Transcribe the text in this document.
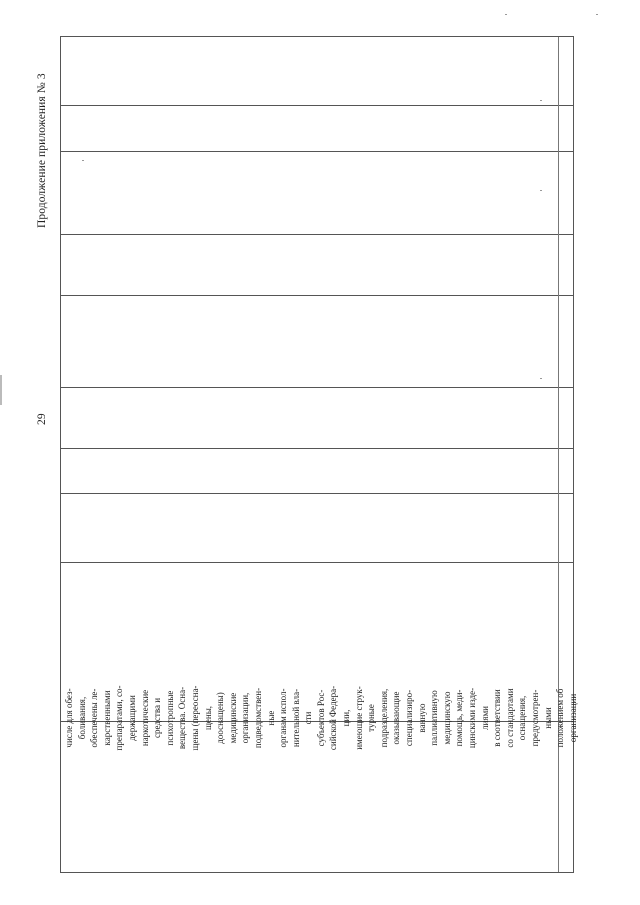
Продолжение приложения № 3
29
числе для обез- боливания, обеспечены ле- карственными препаратами, со- держащими наркотические средства и психотропные вещества. Осна- щены (переосна- щены, дооснащены) медицинские организации, подведомствен- ные органам испол- нительной вла- сти субъектов Рос- сийской Федера- ции, имеющие струк- турные подразделения, оказывающие специализиро- ванную паллиативную медицинскую помощь, меди- цинскими изде- лиями в соответствии со стандартами оснащения, предусмотрен- ными положением об организации
